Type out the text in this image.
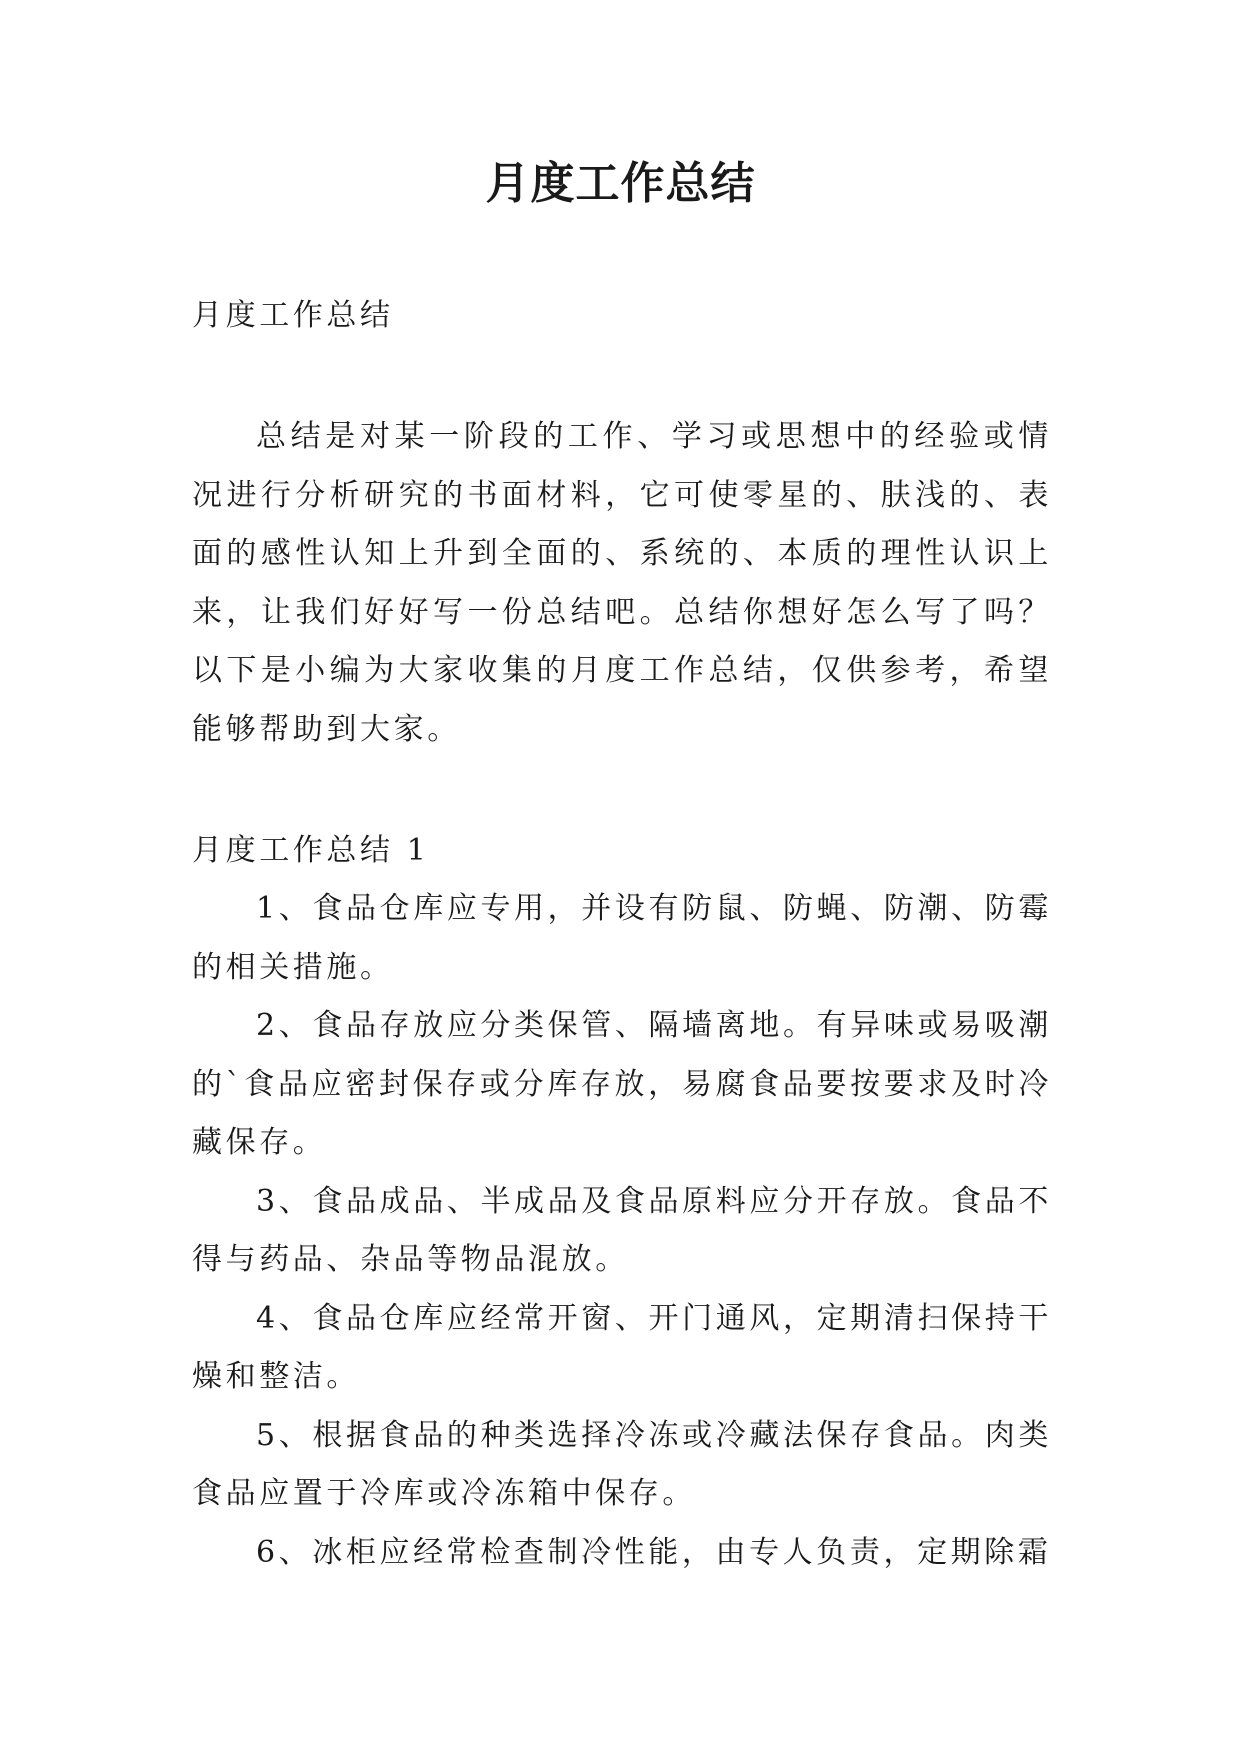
月度工作总结

月度工作总结

总结是对某一阶段的工作、学习或思想中的经验或情况进行分析研究的书面材料，它可使零星的、肤浅的、表面的感性认知上升到全面的、系统的、本质的理性认识上来，让我们好好写一份总结吧。总结你想好怎么写了吗？以下是小编为大家收集的月度工作总结，仅供参考，希望能够帮助到大家。

月度工作总结 1

1、食品仓库应专用，并设有防鼠、防蝇、防潮、防霉的相关措施。

2、食品存放应分类保管、隔墙离地。有异味或易吸潮的`食品应密封保存或分库存放，易腐食品要按要求及时冷藏保存。

3、食品成品、半成品及食品原料应分开存放。食品不得与药品、杂品等物品混放。

4、食品仓库应经常开窗、开门通风，定期清扫保持干燥和整洁。

5、根据食品的种类选择冷冻或冷藏法保存食品。肉类食品应置于冷库或冷冻箱中保存。

6、冰柜应经常检查制冷性能，由专人负责，定期除霜
